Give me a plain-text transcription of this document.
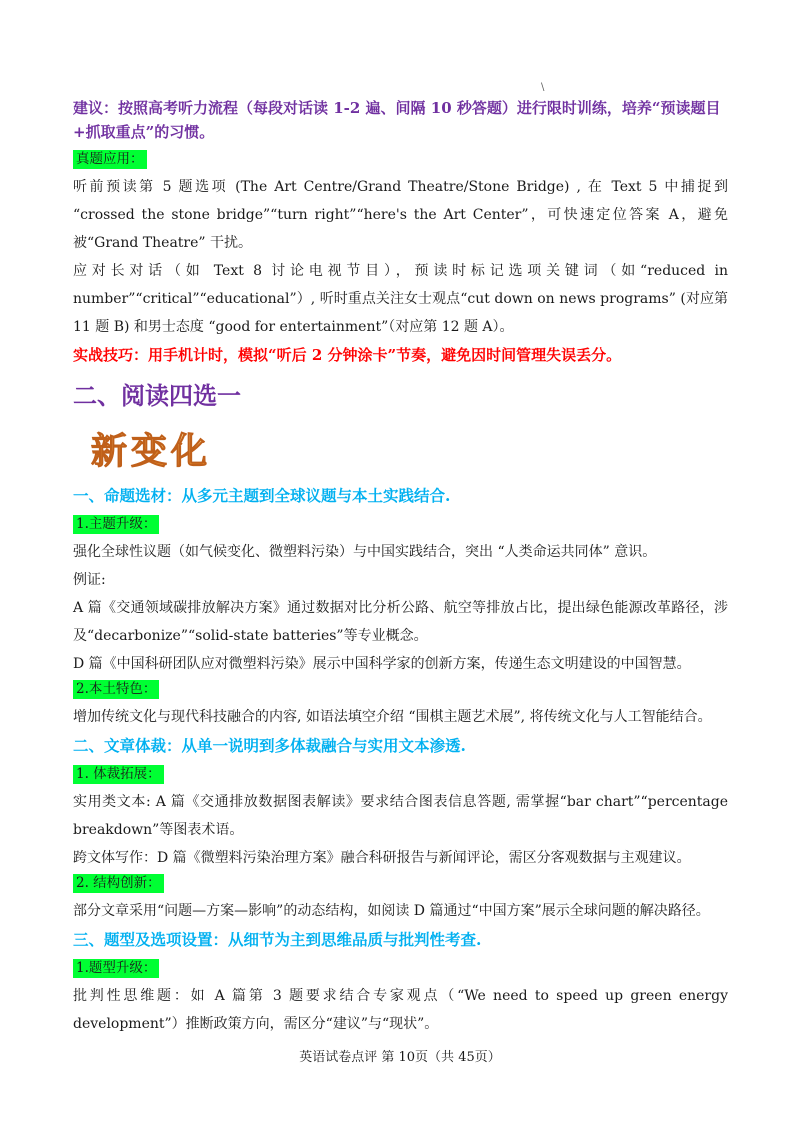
\

建议：按照高考听力流程（每段对话读 1-2 遍、间隔 10 秒答题）进行限时训练，培养“预读题目+抓取重点”的习惯。

真题应用：

听前预读第 5 题选项 (The Art Centre/Grand Theatre/Stone Bridge) , 在 Text 5 中捕捉到 “crossed the stone bridge”“turn right”“here's the Art Center”，可快速定位答案 A，避免被“Grand Theatre” 干扰。

应对长对话（如 Text 8 讨论电视节目），预读时标记选项关键词（如“reduced in number”“critical”“educational”）, 听时重点关注女士观点“cut down on news programs” (对应第 11 题 B) 和男士态度 “good for entertainment”（对应第 12 题 A）。

实战技巧：用手机计时，模拟“听后 2 分钟涂卡”节奏，避免因时间管理失误丢分。

二、阅读四选一
新变化
一、命题选材：从多元主题到全球议题与本土实践结合.
1.主题升级：

强化全球性议题（如气候变化、微塑料污染）与中国实践结合，突出 “人类命运共同体” 意识。

例证:

A 篇《交通领域碳排放解决方案》通过数据对比分析公路、航空等排放占比，提出绿色能源改革路径，涉及“decarbonize”“solid-state batteries”等专业概念。

D 篇《中国科研团队应对微塑料污染》展示中国科学家的创新方案，传递生态文明建设的中国智慧。

2.本土特色：

增加传统文化与现代科技融合的内容, 如语法填空介绍 “围棋主题艺术展”, 将传统文化与人工智能结合。

二、文章体裁：从单一说明到多体裁融合与实用文本渗透.
1. 体裁拓展：

实用类文本: A 篇《交通排放数据图表解读》要求结合图表信息答题, 需掌握“bar chart”“percentage breakdown”等图表术语。

跨文体写作：D 篇《微塑料污染治理方案》融合科研报告与新闻评论，需区分客观数据与主观建议。

2. 结构创新：

部分文章采用“问题—方案—影响”的动态结构，如阅读 D 篇通过“中国方案”展示全球问题的解决路径。

三、题型及选项设置：从细节为主到思维品质与批判性考查.
1.题型升级：

批判性思维题：如 A 篇第 3 题要求结合专家观点（“We need to speed up green energy development”）推断政策方向，需区分“建议”与“现状”。

英语试卷点评 第 10页（共 45页）
